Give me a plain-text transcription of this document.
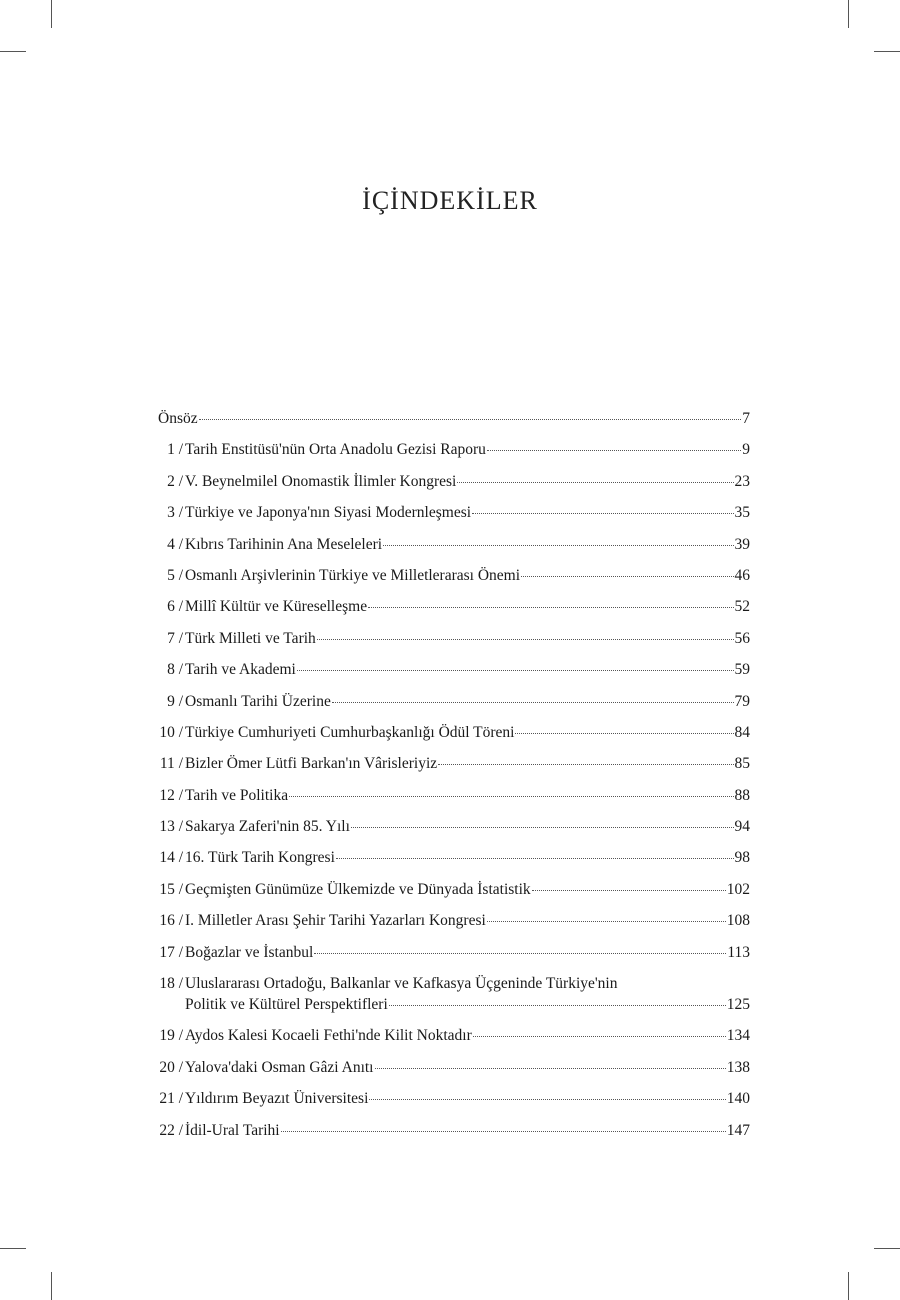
İÇİNDEKİLER
Önsöz	7
1 / Tarih Enstitüsü'nün Orta Anadolu Gezisi Raporu	9
2 / V. Beynelmilel Onomastik İlimler Kongresi	23
3 / Türkiye ve Japonya'nın Siyasi Modernleşmesi	35
4 / Kıbrıs Tarihinin Ana Meseleleri	39
5 / Osmanlı Arşivlerinin Türkiye ve Milletlerarası Önemi	46
6 / Millî Kültür ve Küreselleşme	52
7 / Türk Milleti ve Tarih	56
8 / Tarih ve Akademi	59
9 / Osmanlı Tarihi Üzerine	79
10 / Türkiye Cumhuriyeti Cumhurbaşkanlığı Ödül Töreni	84
11 / Bizler Ömer Lütfi Barkan'ın Vârisleriyiz	85
12 / Tarih ve Politika	88
13 / Sakarya Zaferi'nin 85. Yılı	94
14 / 16. Türk Tarih Kongresi	98
15 / Geçmişten Günümüze Ülkemizde ve Dünyada İstatistik	102
16 / I. Milletler Arası Şehir Tarihi Yazarları Kongresi	108
17 / Boğazlar ve İstanbul	113
18 / Uluslararası Ortadoğu, Balkanlar ve Kafkasya Üçgeninde Türkiye'nin
Politik ve Kültürel Perspektifleri	125
19 / Aydos Kalesi Kocaeli Fethi'nde Kilit Noktadır	134
20 / Yalova'daki Osman Gâzi Anıtı	138
21 / Yıldırım Beyazıt Üniversitesi	140
22 / İdil-Ural Tarihi	147
